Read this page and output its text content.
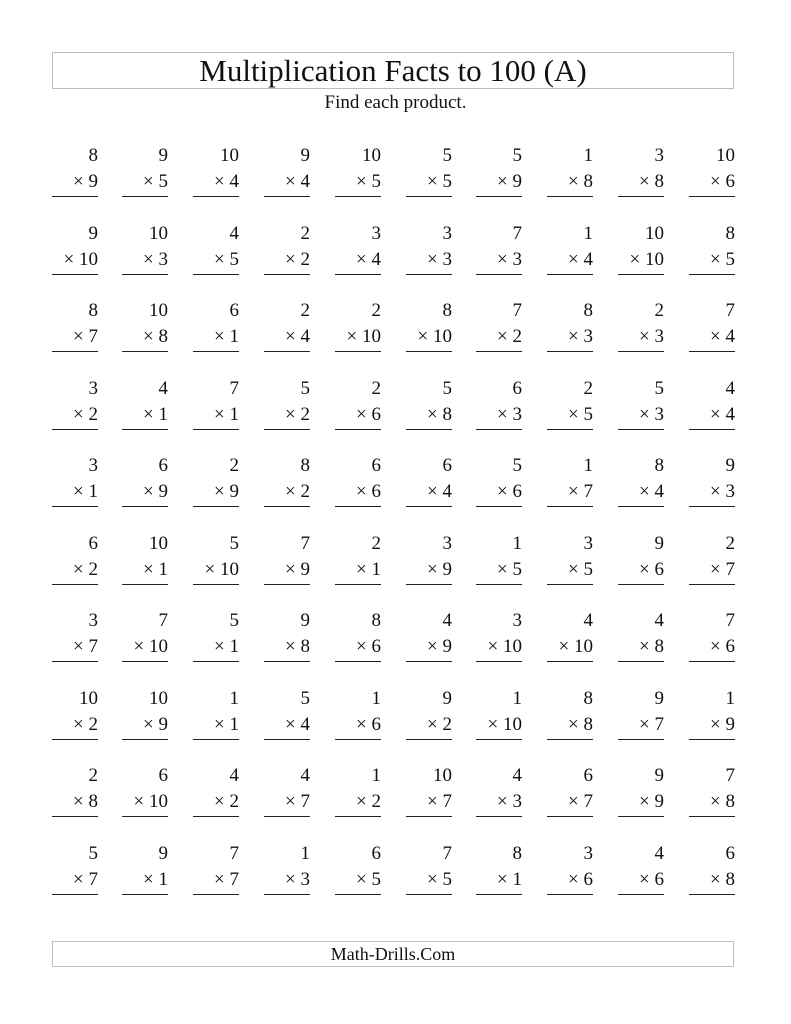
Multiplication Facts to 100 (A)
Find each product.
8
× 9
9
× 5
10
× 4
9
× 4
10
× 5
5
× 5
5
× 9
1
× 8
3
× 8
10
× 6
9
× 10
10
× 3
4
× 5
2
× 2
3
× 4
3
× 3
7
× 3
1
× 4
10
× 10
8
× 5
8
× 7
10
× 8
6
× 1
2
× 4
2
× 10
8
× 10
7
× 2
8
× 3
2
× 3
7
× 4
3
× 2
4
× 1
7
× 1
5
× 2
2
× 6
5
× 8
6
× 3
2
× 5
5
× 3
4
× 4
3
× 1
6
× 9
2
× 9
8
× 2
6
× 6
6
× 4
5
× 6
1
× 7
8
× 4
9
× 3
6
× 2
10
× 1
5
× 10
7
× 9
2
× 1
3
× 9
1
× 5
3
× 5
9
× 6
2
× 7
3
× 7
7
× 10
5
× 1
9
× 8
8
× 6
4
× 9
3
× 10
4
× 10
4
× 8
7
× 6
10
× 2
10
× 9
1
× 1
5
× 4
1
× 6
9
× 2
1
× 10
8
× 8
9
× 7
1
× 9
2
× 8
6
× 10
4
× 2
4
× 7
1
× 2
10
× 7
4
× 3
6
× 7
9
× 9
7
× 8
5
× 7
9
× 1
7
× 7
1
× 3
6
× 5
7
× 5
8
× 1
3
× 6
4
× 6
6
× 8
Math-Drills.Com
